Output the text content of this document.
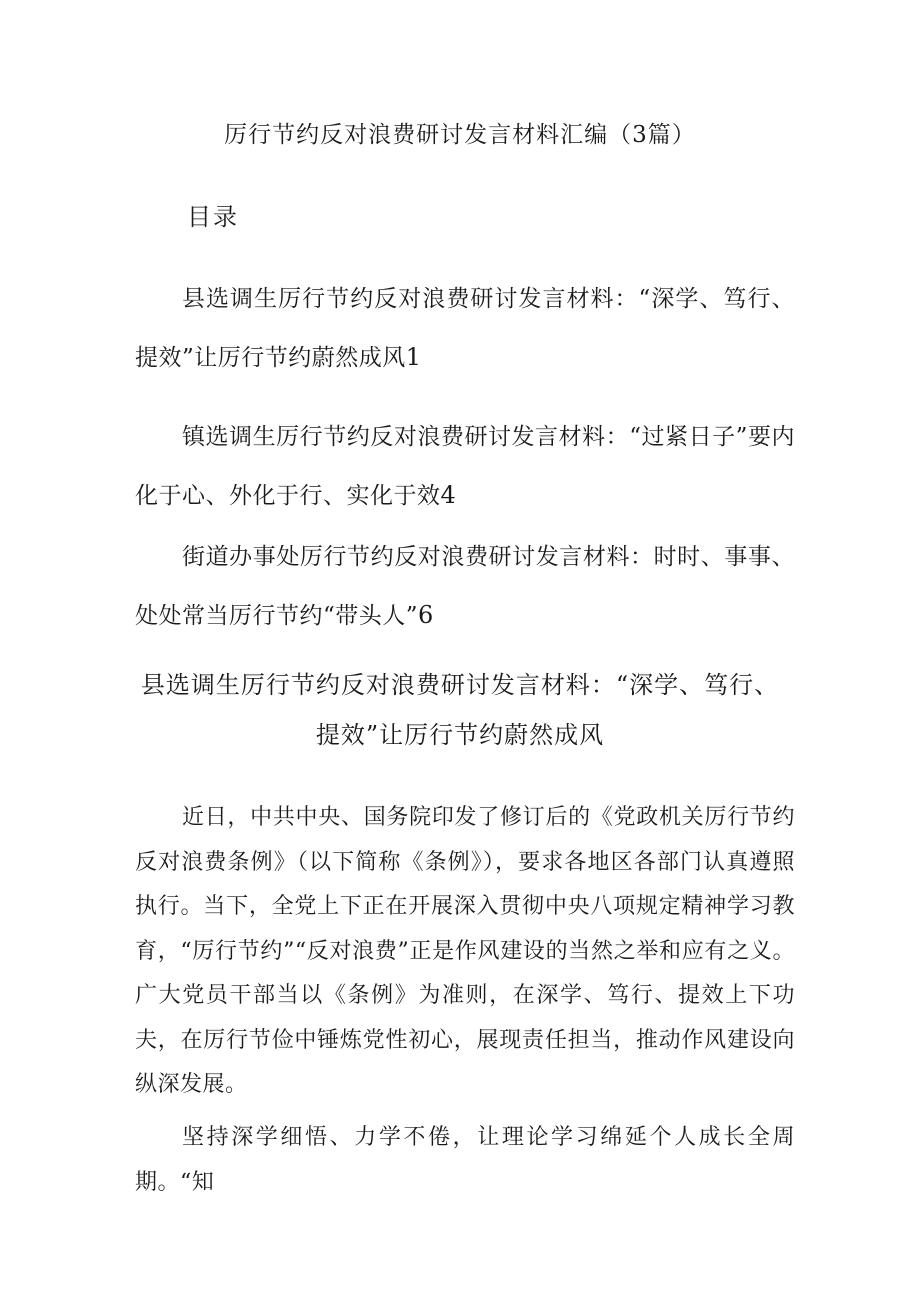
厉行节约反对浪费研讨发言材料汇编（3篇）
目录
县选调生厉行节约反对浪费研讨发言材料：“深学、笃行、提效”让厉行节约蔚然成风1
镇选调生厉行节约反对浪费研讨发言材料：“过紧日子”要内化于心、外化于行、实化于效4
街道办事处厉行节约反对浪费研讨发言材料：时时、事事、处处常当厉行节约“带头人”6
县选调生厉行节约反对浪费研讨发言材料：“深学、笃行、
提效”让厉行节约蔚然成风
近日，中共中央、国务院印发了修订后的《党政机关厉行节约反对浪费条例》（以下简称《条例》），要求各地区各部门认真遵照执行。当下，全党上下正在开展深入贯彻中央八项规定精神学习教育，“厉行节约”“反对浪费”正是作风建设的当然之举和应有之义。广大党员干部当以《条例》为准则，在深学、笃行、提效上下功夫，在厉行节俭中锤炼党性初心，展现责任担当，推动作风建设向纵深发展。
坚持深学细悟、力学不倦，让理论学习绵延个人成长全周期。“知
